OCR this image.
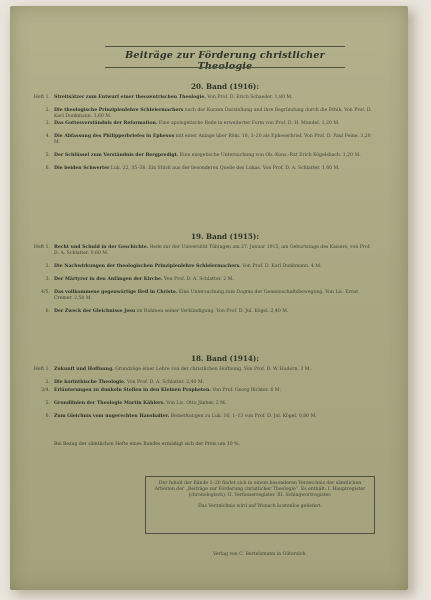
Beiträge zur Förderung christlicher
20. Band (1916):
Heft 1. Streitsätzer zum Entwurf einer theozentrischen Theologie. Von Prof. D. Erich Schaeder. 1,80 M.
2. Die theologische Prinzipienlehre Schleiermachers nach der Kurzen Darstellung und ihre Begründung durch die Ethik. Von Prof. D. Karl Dunkmann. 3,60 M.
3. Das Gottesverständnis der Reformation. Eine apologetische Rede in erweiterter Form von Prof. D. H. Mandel. 1,20 M.
4. Die Abfassung des Philipperbriefes in Ephesus mit einer Anlage über Röm. 16, 3–20 als Epheserbrief. Von Prof. D. Paul Feine. 3,20 M.
5. Der Schlüssel zum Verständnis der Bergpredigt. Eine exegetische Untersuchung von Ob.-Kons.-Rat Erich Kögelsbach. 1,20 M.
6. Die beiden Schwerter Luk. 22, 35–38. Ein Stück aus der besonderen Quelle des Lukas. Von Prof. D. A. Schlatter. 1,60 M.
19. Band (1915):
Heft 1. Recht und Schuld in der Geschichte. Rede zur der Universität Tübingen am 27. Januar 1915, am Geburtstage des Kaisers, von Prof. D. A. Schlatter. 0,60 M.
2. Die Nachwirkungen der theologischen Prinzipienlehre Schleiermachers. Von Prof. D. Karl Dunkmann. 4 M.
3. Der Märtyrer in den Anfängen der Kirche. Von Prof. D. A. Schlatter. 2 M.
4/5. Das vollkommene gegenwärtige Heil in Christo. Eine Untersuchung zum Dogma der Gemeinschaftsbewegung. Von Lic. Ernst Cremer. 2,50 M.
6. Der Zweck der Gleichnisse Jesu im Rahmen seiner Verkündigung. Von Prof. D. Jul. Kögel. 2,40 M.
18. Band (1914):
Heft 1. Zukunft und Hoffnung. Grundzüge einer Lehre von der christlichen Hoffnung. Von Prof. D. W. Hadorn. 3 M.
2. Die korinthische Theologie. Von Prof. D. A. Schlatter. 2,40 M.
3/4. Erläuterungen zu dunkeln Stellen in den Kleinen Propheten. Von Prof. Georg Richter. 6 M.
5. Grundlinien der Theologie Martin Kählers. Von Lic. Otto Jänber. 2 M.
6. Zum Gleichnis vom ungerechten Haushalter. Bemerkungen zu Luk. 16, 1–13 von Prof. D. Jul. Kögel. 0,80 M.
Bei Bezug der sämtlichen Hefte eines Bandes ermäßigt sich der Preis um 10 %.

Der Inhalt der Bände 1–20 findet sich in einem besonderen Verzeichnis der sämtlichen Arbeiten der „Beiträge zur Förderung christlicher Theologie“. Es enthält: I. Hauptregister (chronologisch). II. Verfasserregister. III. Schlagwortregister.

Das Verzeichnis wird auf Wunsch kostenlos geliefert.

Verlag von C. Bertelsmann in Gütersloh.
